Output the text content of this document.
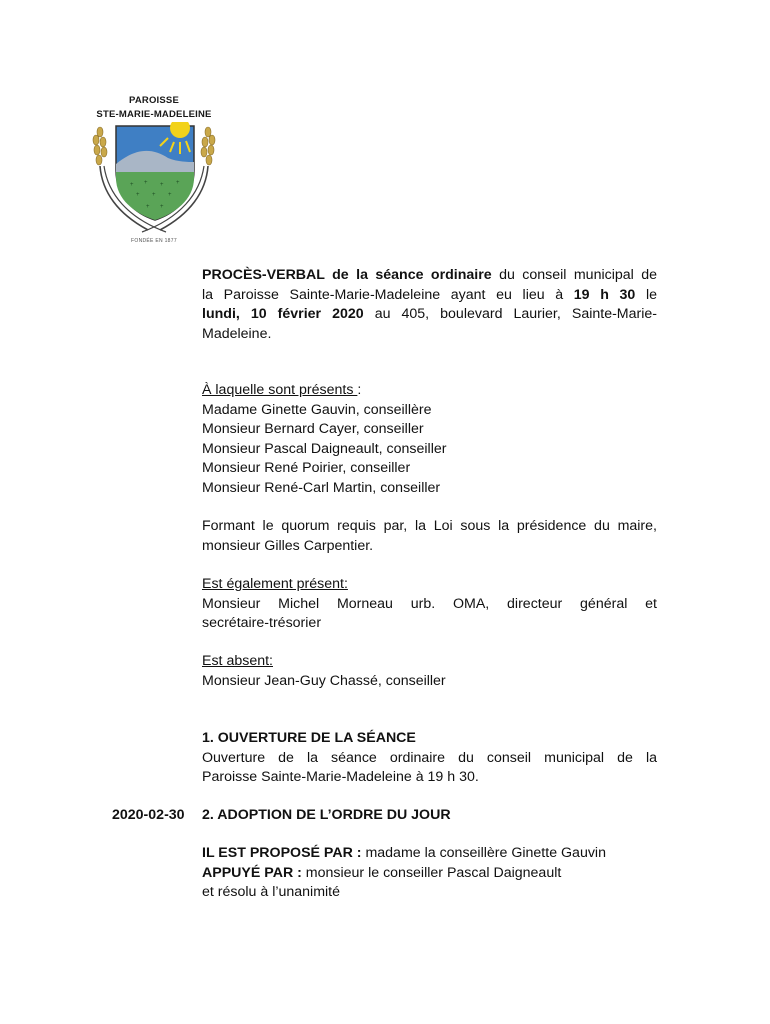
PAROISSE
STE-MARIE-MADELEINE
+ + + +
+ + +
+ +
FONDÉE EN 1877
PROCÈS-VERBAL de la séance ordinaire du conseil municipal de
la Paroisse Sainte-Marie-Madeleine ayant eu lieu à 19 h 30 le
lundi, 10 février 2020 au 405, boulevard Laurier, Sainte-Marie-
Madeleine.
À laquelle sont présents :
Madame Ginette Gauvin, conseillère
Monsieur Bernard Cayer, conseiller
Monsieur Pascal Daigneault, conseiller
Monsieur René Poirier, conseiller
Monsieur René-Carl Martin, conseiller
Formant le quorum requis par, la Loi sous la présidence du maire,
monsieur Gilles Carpentier.
Est également présent:
Monsieur Michel Morneau urb. OMA, directeur général et
secrétaire-trésorier
Est absent:
Monsieur Jean-Guy Chassé, conseiller
1. OUVERTURE DE LA SÉANCE
Ouverture de la séance ordinaire du conseil municipal de la
Paroisse Sainte-Marie-Madeleine à 19 h 30.
2020-02-30 2. ADOPTION DE L’ORDRE DU JOUR
IL EST PROPOSÉ PAR : madame la conseillère Ginette Gauvin
APPUYÉ PAR : monsieur le conseiller Pascal Daigneault
et résolu à l’unanimité
